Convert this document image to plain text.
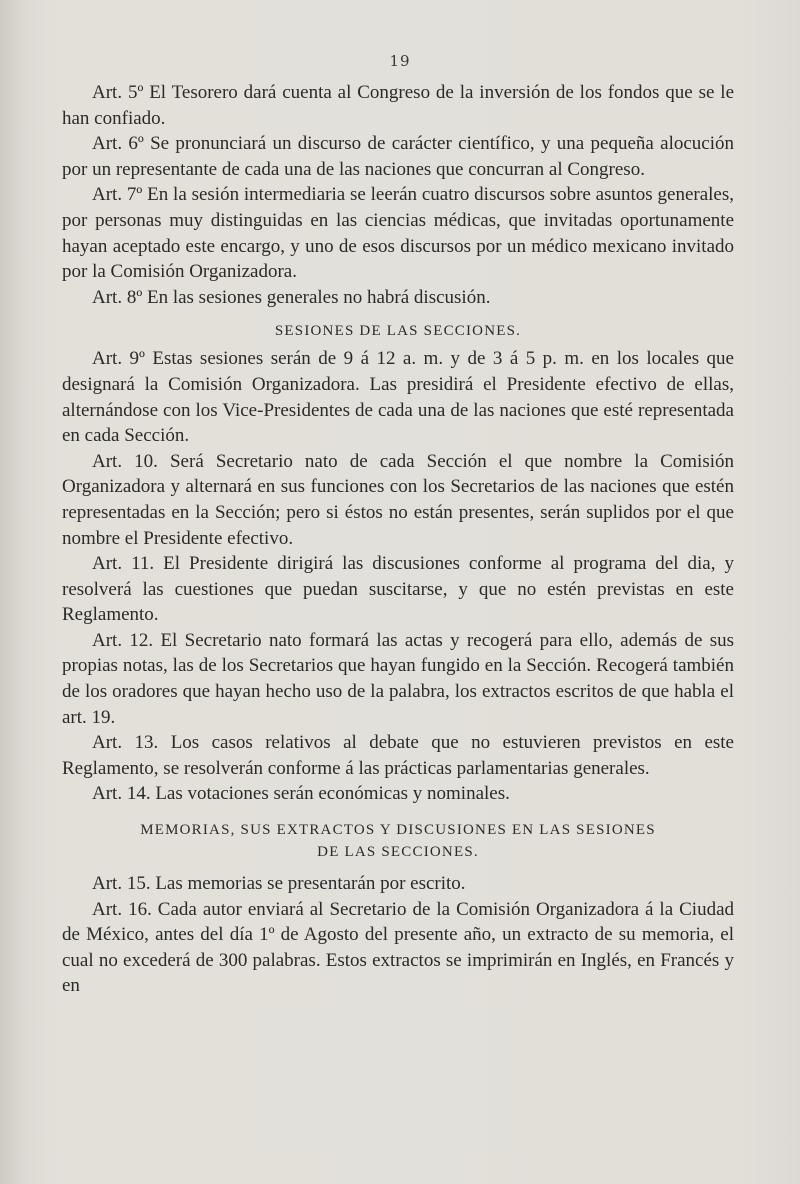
19

Art. 5º El Tesorero dará cuenta al Congreso de la inversión de los fondos que se le han confiado.

Art. 6º Se pronunciará un discurso de carácter científico, y una pequeña alocución por un representante de cada una de las naciones que concurran al Congreso.

Art. 7º En la sesión intermediaria se leerán cuatro discursos sobre asuntos generales, por personas muy distinguidas en las ciencias médicas, que invitadas oportunamente hayan aceptado este encargo, y uno de esos discursos por un médico mexicano invitado por la Comisión Organizadora.

Art. 8º En las sesiones generales no habrá discusión.

SESIONES DE LAS SECCIONES.

Art. 9º Estas sesiones serán de 9 á 12 a. m. y de 3 á 5 p. m. en los locales que designará la Comisión Organizadora. Las presidirá el Presidente efectivo de ellas, alternándose con los Vice-Presidentes de cada una de las naciones que esté representada en cada Sección.

Art. 10. Será Secretario nato de cada Sección el que nombre la Comisión Organizadora y alternará en sus funciones con los Secretarios de las naciones que estén representadas en la Sección; pero si éstos no están presentes, serán suplidos por el que nombre el Presidente efectivo.

Art. 11. El Presidente dirigirá las discusiones conforme al programa del dia, y resolverá las cuestiones que puedan suscitarse, y que no estén previstas en este Reglamento.

Art. 12. El Secretario nato formará las actas y recogerá para ello, además de sus propias notas, las de los Secretarios que hayan fungido en la Sección. Recogerá también de los oradores que hayan hecho uso de la palabra, los extractos escritos de que habla el art. 19.

Art. 13. Los casos relativos al debate que no estuvieren previstos en este Reglamento, se resolverán conforme á las prácticas parlamentarias generales.

Art. 14. Las votaciones serán económicas y nominales.

MEMORIAS, SUS EXTRACTOS Y DISCUSIONES EN LAS SESIONES
DE LAS SECCIONES.

Art. 15. Las memorias se presentarán por escrito.

Art. 16. Cada autor enviará al Secretario de la Comisión Organizadora á la Ciudad de México, antes del día 1º de Agosto del presente año, un extracto de su memoria, el cual no excederá de 300 palabras. Estos extractos se imprimirán en Inglés, en Francés y en
